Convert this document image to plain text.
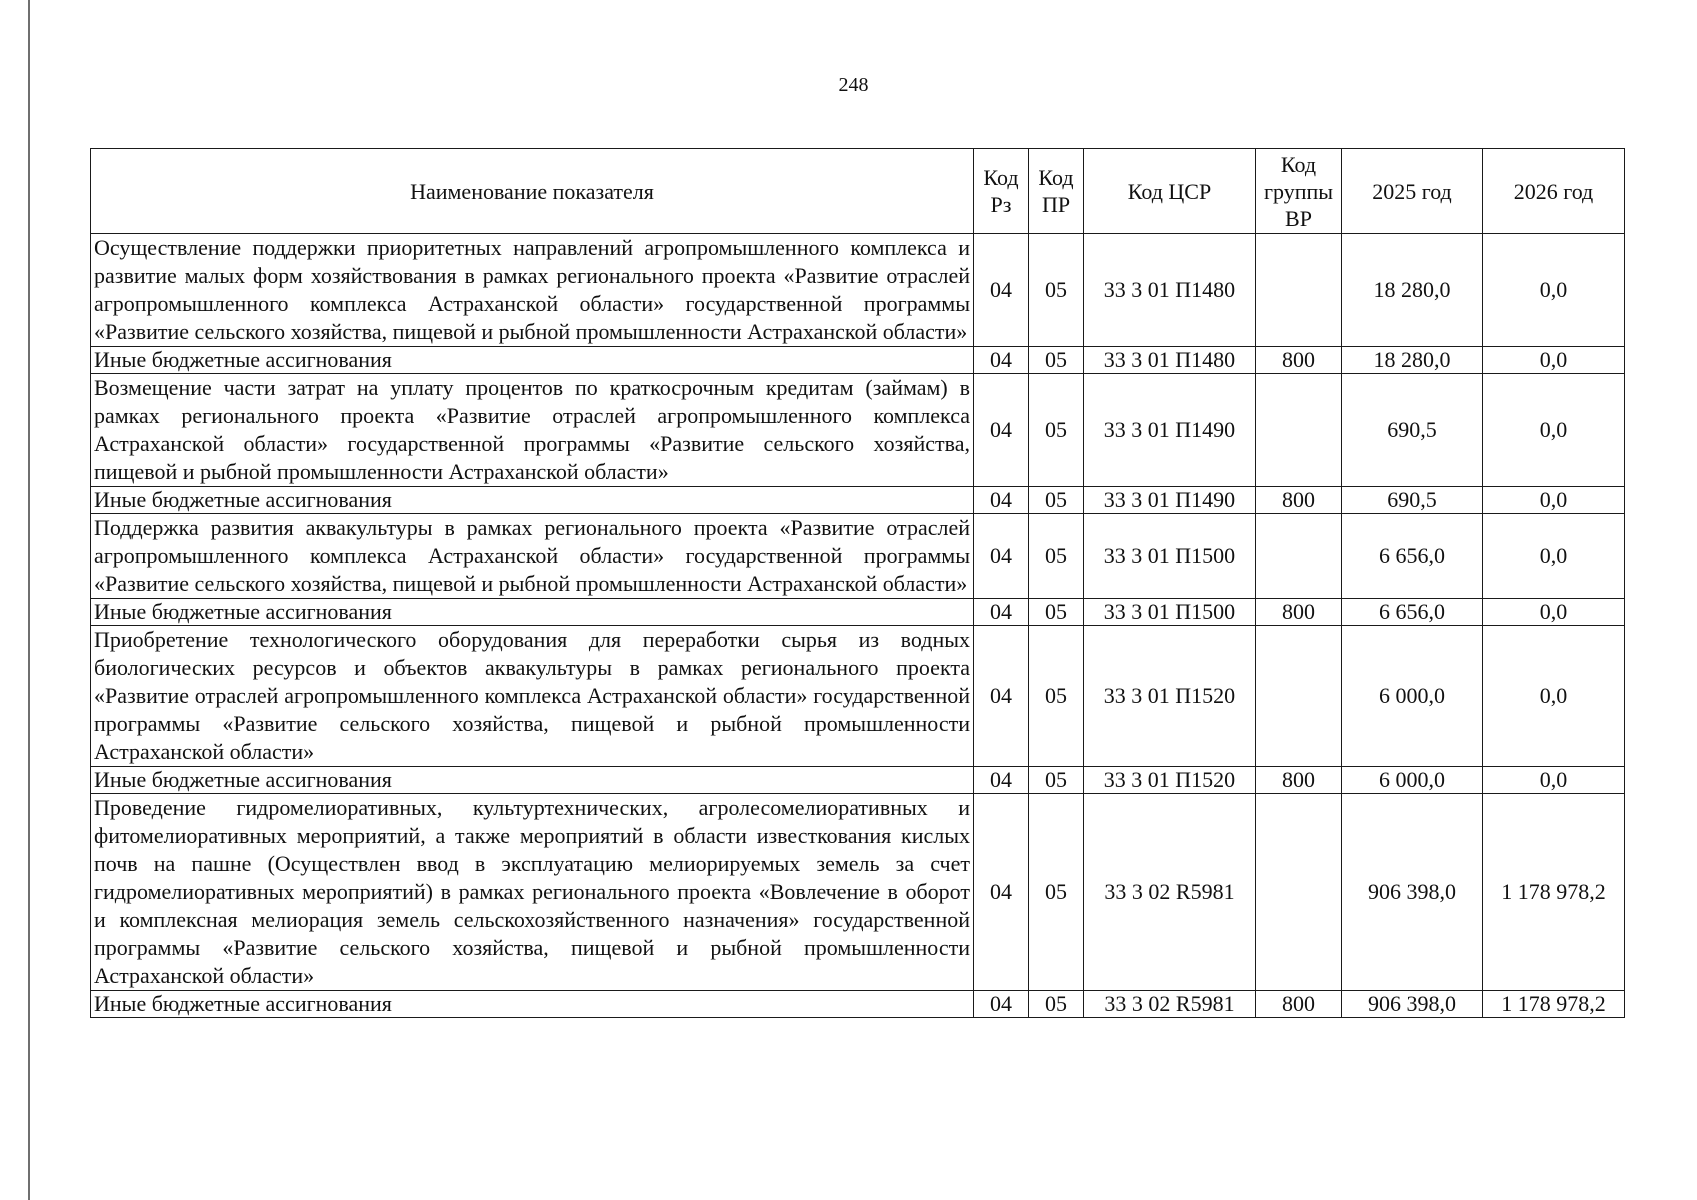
248
Наименование показателя	Код Рз	Код ПР	Код ЦСР	Код группы ВР	2025 год	2026 год
Осуществление поддержки приоритетных направлений агропромышленного комплекса и развитие малых форм хозяйствования в рамках регионального проекта «Развитие отраслей агропромышленного комплекса Астраханской области» государственной программы «Развитие сельского хозяйства, пищевой и рыбной промышленности Астраханской области»	04	05	33 3 01 П1480		18 280,0	0,0
Иные бюджетные ассигнования	04	05	33 3 01 П1480	800	18 280,0	0,0
Возмещение части затрат на уплату процентов по краткосрочным кредитам (займам) в рамках регионального проекта «Развитие отраслей агропромышленного комплекса Астраханской области» государственной программы «Развитие сельского хозяйства, пищевой и рыбной промышленности Астраханской области»	04	05	33 3 01 П1490		690,5	0,0
Иные бюджетные ассигнования	04	05	33 3 01 П1490	800	690,5	0,0
Поддержка развития аквакультуры в рамках регионального проекта «Развитие отраслей агропромышленного комплекса Астраханской области» государственной программы «Развитие сельского хозяйства, пищевой и рыбной промышленности Астраханской области»	04	05	33 3 01 П1500		6 656,0	0,0
Иные бюджетные ассигнования	04	05	33 3 01 П1500	800	6 656,0	0,0
Приобретение технологического оборудования для переработки сырья из водных биологических ресурсов и объектов аквакультуры в рамках регионального проекта «Развитие отраслей агропромышленного комплекса Астраханской области» государственной программы «Развитие сельского хозяйства, пищевой и рыбной промышленности Астраханской области»	04	05	33 3 01 П1520		6 000,0	0,0
Иные бюджетные ассигнования	04	05	33 3 01 П1520	800	6 000,0	0,0
Проведение гидромелиоративных, культуртехнических, агролесомелиоративных и фитомелиоративных мероприятий, а также мероприятий в области известкования кислых почв на пашне (Осуществлен ввод в эксплуатацию мелиорируемых земель за счет гидромелиоративных мероприятий) в рамках регионального проекта «Вовлечение в оборот и комплексная мелиорация земель сельскохозяйственного назначения» государственной программы «Развитие сельского хозяйства, пищевой и рыбной промышленности Астраханской области»	04	05	33 3 02 R5981		906 398,0	1 178 978,2
Иные бюджетные ассигнования	04	05	33 3 02 R5981	800	906 398,0	1 178 978,2
